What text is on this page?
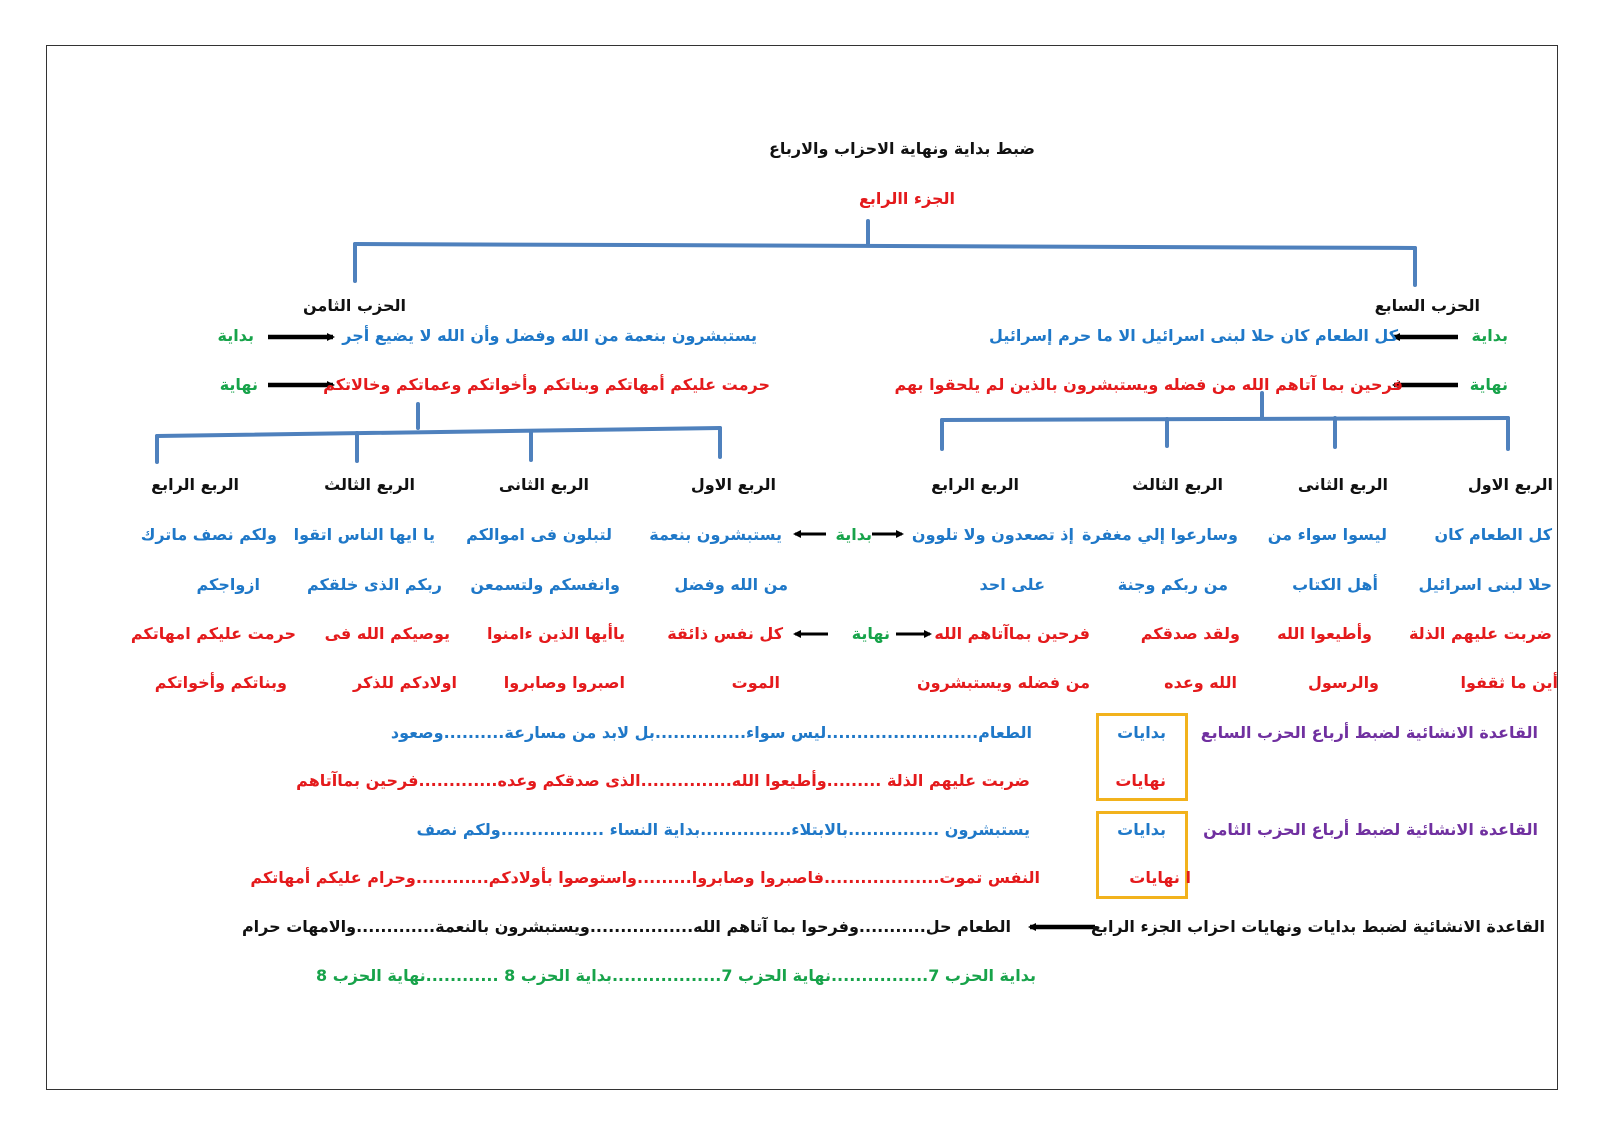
ضبط بداية ونهاية الاحزاب والارباع
الجزء االرابع
الحزب السابع
بداية
كل الطعام كان حلا لبنى اسرائيل الا ما حرم إسرائيل
نهاية
فرحين بما آتاهم الله من فضله ويستبشرون بالذين لم يلحقوا بهم
الحزب الثامن
بداية	يستبشرون بنعمة من الله وفضل وأن الله لا يضيع أجر
نهاية	حرمت عليكم أمهاتكم وبناتكم وأخواتكم وعماتكم وخالاتكم
الربع الاول
كل الطعام كان
حلا لبنى اسرائيل
ضربت عليهم الذلة
أين ما ثقفوا
الربع الثانى
ليسوا سواء من
أهل الكتاب
وأطيعوا الله
والرسول
الربع الثالث
وسارعوا إلي مغفرة
من ربكم وجنة
ولقد صدقكم
الله وعده
الربع الرابع
إذ تصعدون ولا تلوون
على احد
فرحين بماآتاهم الله
من فضله ويستبشرون
بداية
نهاية
الربع الاول
يستبشرون بنعمة
من الله وفضل
كل نفس ذائقة
الموت
الربع الثانى
لتبلون فى اموالكم
وانفسكم ولتسمعن
ياأيها الذين ءامنوا
اصبروا وصابروا
الربع الثالث
يا ايها الناس اتقوا
ربكم الذى خلقكم
يوصيكم الله فى
اولادكم للذكر
الربع الرابع
ولكم نصف ماترك
ازواجكم
حرمت عليكم امهاتكم
وبناتكم وأخواتكم
القاعدة الانشائية لضبط أرباع الحزب السابع
بدايات
الطعام.........................ليس سواء...............بل لابد من مسارعة..........وصعود
نهايات
ضربت عليهم الذلة .........وأطيعوا الله...............الذى صدقكم وعده.............فرحين بماآتاهم
القاعدة الانشائية لضبط أرباع الحزب الثامن
بدايات
يستبشرون ...............بالابتلاء...............بداية النساء .................ولكم نصف
ا نهايات
النفس تموت...................فاصبروا وصابروا.........واستوصوا بأولادكم............وحرام عليكم أمهاتكم
القاعدة الانشائية لضبط بدايات ونهايات احزاب الجزء الرابع
الطعام حل...........وفرحوا بما آتاهم الله.................ويستبشرون بالنعمة.............والامهات حرام
بداية الحزب 7................نهاية الحزب 7..................بداية الحزب 8 ............نهاية الحزب 8
